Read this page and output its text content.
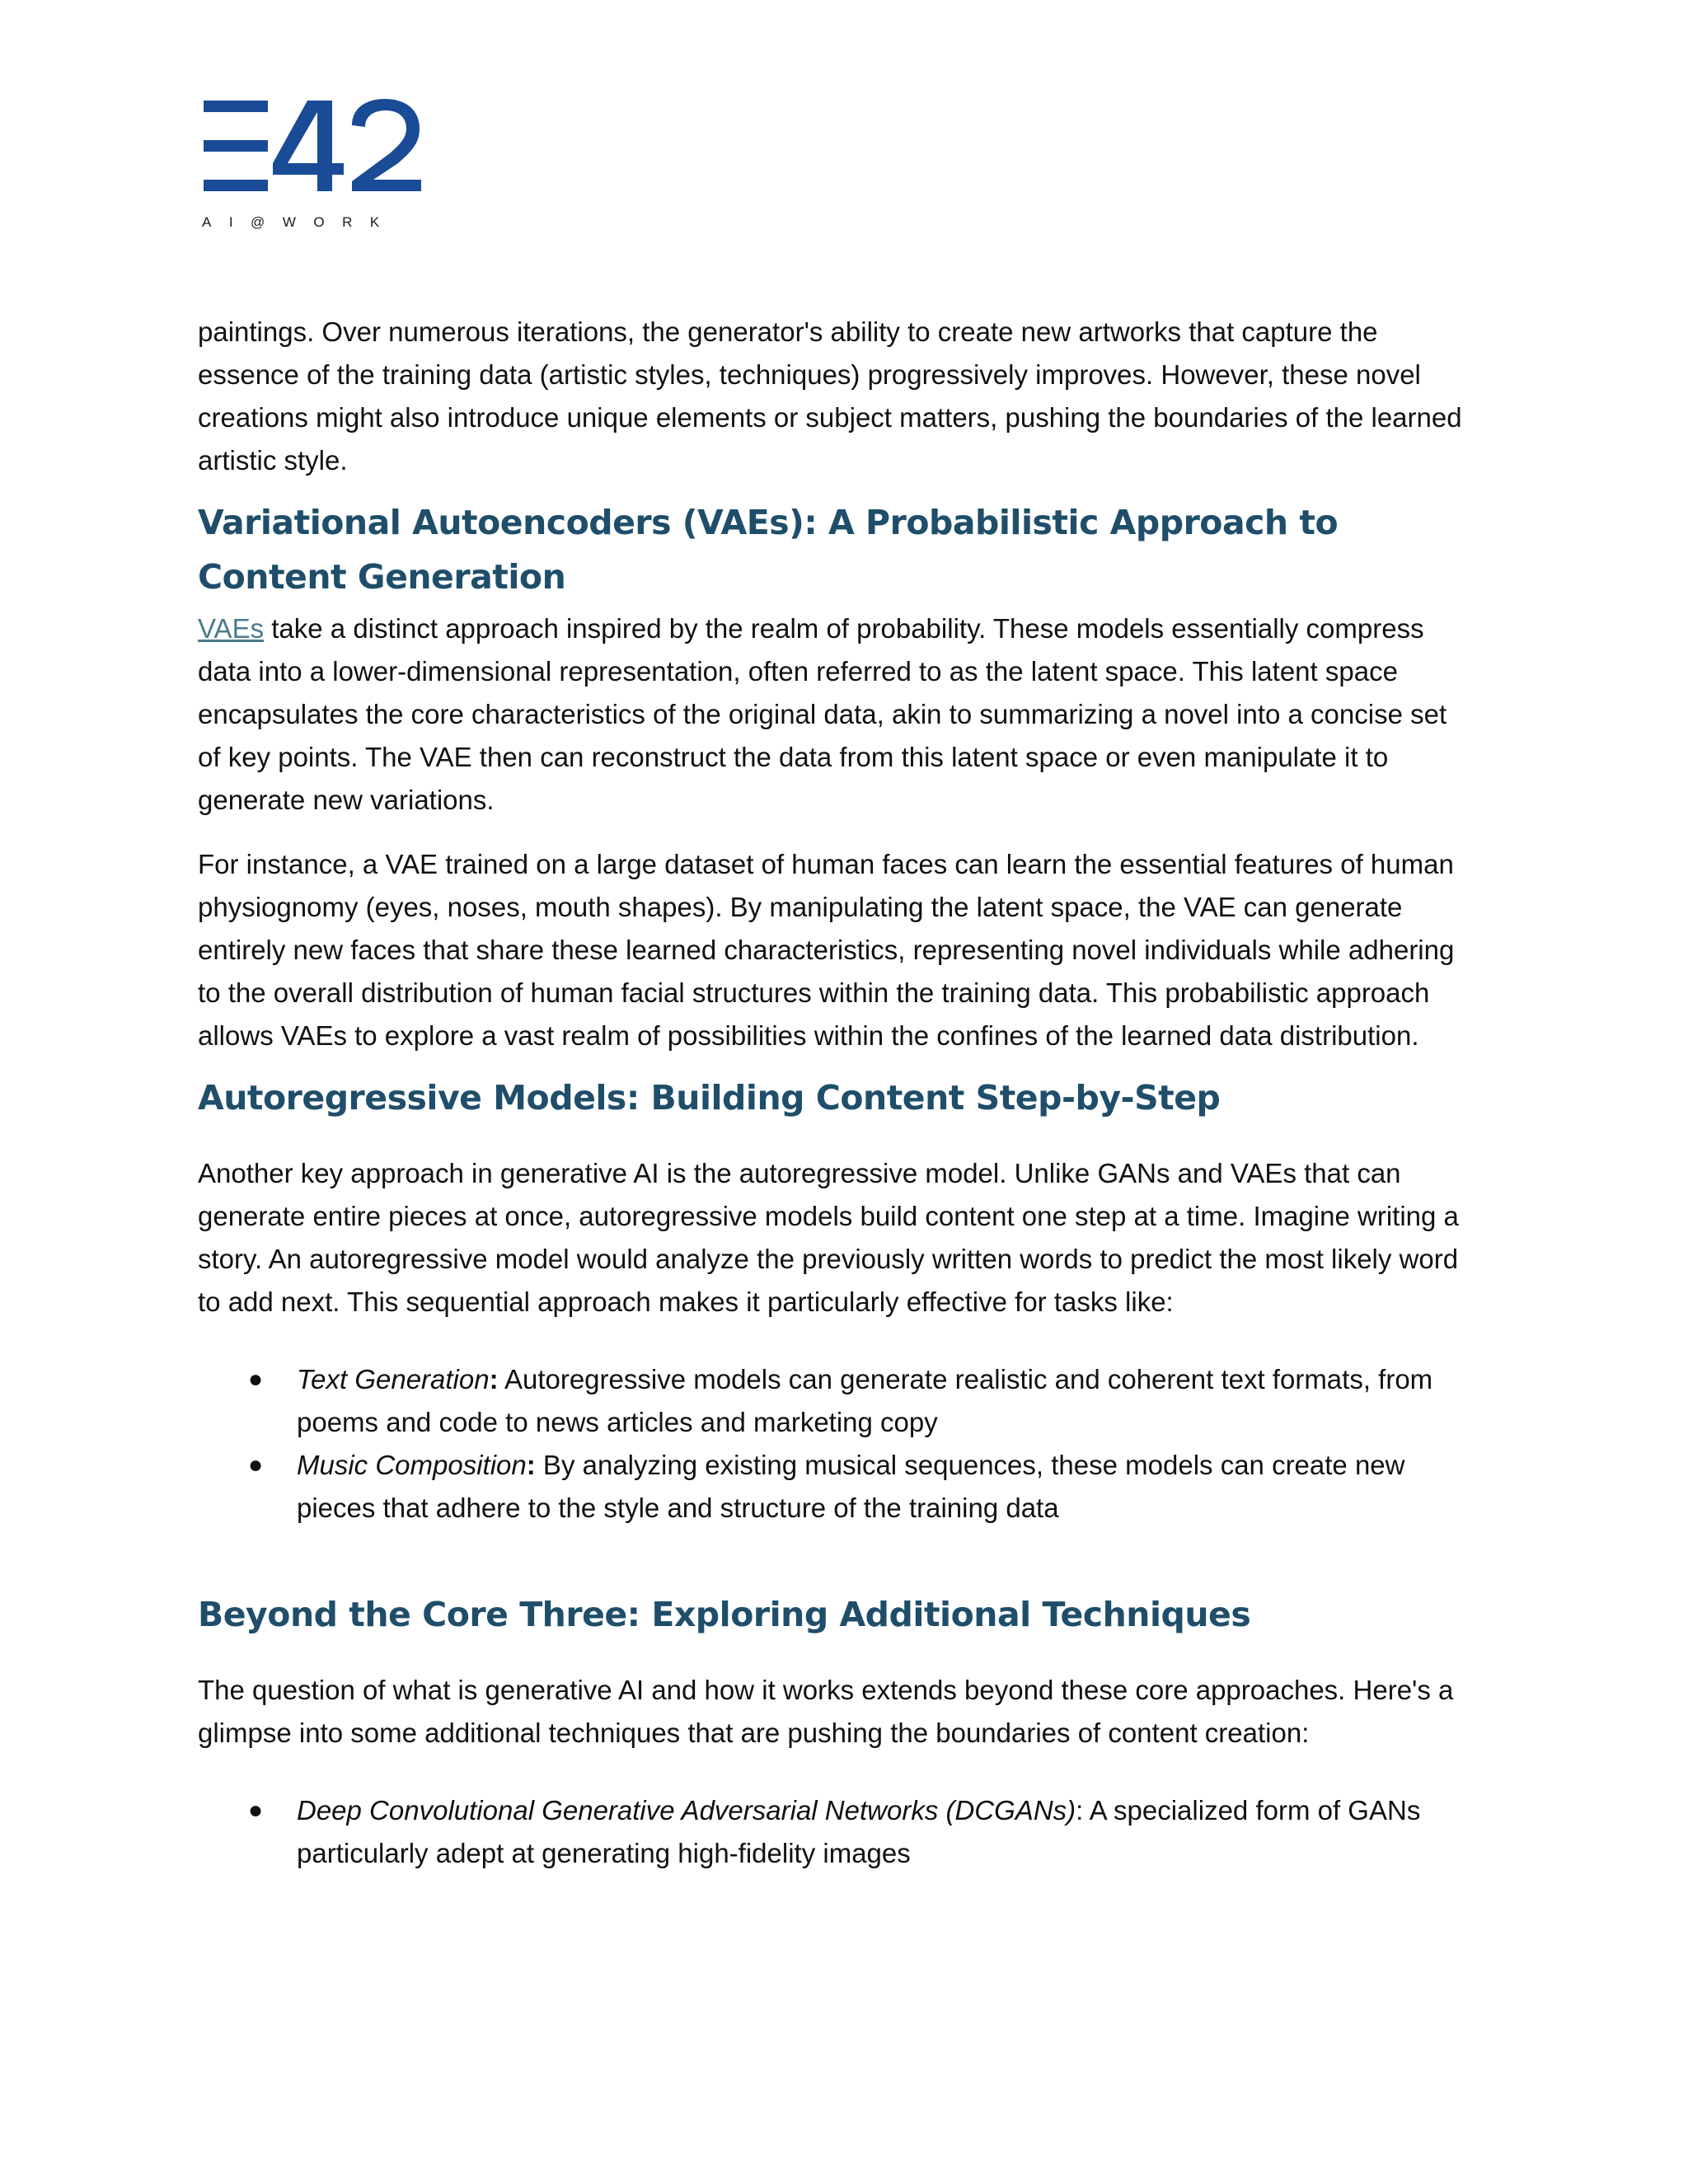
AI@WORK

paintings. Over numerous iterations, the generator's ability to create new artworks that capture the essence of the training data (artistic styles, techniques) progressively improves. However, these novel creations might also introduce unique elements or subject matters, pushing the boundaries of the learned artistic style.

Variational Autoencoders (VAEs): A Probabilistic Approach to Content Generation

VAEs take a distinct approach inspired by the realm of probability. These models essentially compress data into a lower-dimensional representation, often referred to as the latent space. This latent space encapsulates the core characteristics of the original data, akin to summarizing a novel into a concise set of key points. The VAE then can reconstruct the data from this latent space or even manipulate it to generate new variations.

For instance, a VAE trained on a large dataset of human faces can learn the essential features of human physiognomy (eyes, noses, mouth shapes). By manipulating the latent space, the VAE can generate entirely new faces that share these learned characteristics, representing novel individuals while adhering to the overall distribution of human facial structures within the training data. This probabilistic approach allows VAEs to explore a vast realm of possibilities within the confines of the learned data distribution.

Autoregressive Models: Building Content Step-by-Step

Another key approach in generative AI is the autoregressive model. Unlike GANs and VAEs that can generate entire pieces at once, autoregressive models build content one step at a time. Imagine writing a story. An autoregressive model would analyze the previously written words to predict the most likely word to add next. This sequential approach makes it particularly effective for tasks like:

● Text Generation: Autoregressive models can generate realistic and coherent text formats, from poems and code to news articles and marketing copy
● Music Composition: By analyzing existing musical sequences, these models can create new pieces that adhere to the style and structure of the training data
Beyond the Core Three: Exploring Additional Techniques

The question of what is generative AI and how it works extends beyond these core approaches. Here's a glimpse into some additional techniques that are pushing the boundaries of content creation:

● Deep Convolutional Generative Adversarial Networks (DCGANs): A specialized form of GANs particularly adept at generating high-fidelity images
